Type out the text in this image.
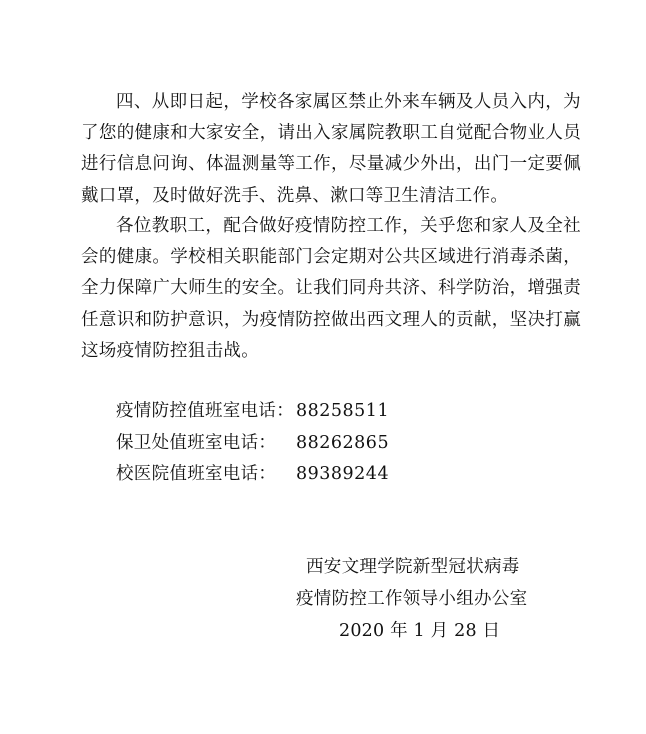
四、从即日起，学校各家属区禁止外来车辆及人员入内，为了您的健康和大家安全，请出入家属院教职工自觉配合物业人员进行信息问询、体温测量等工作，尽量减少外出，出门一定要佩戴口罩，及时做好洗手、洗鼻、漱口等卫生清洁工作。

各位教职工，配合做好疫情防控工作，关乎您和家人及全社会的健康。学校相关职能部门会定期对公共区域进行消毒杀菌，全力保障广大师生的安全。让我们同舟共济、科学防治，增强责任意识和防护意识，为疫情防控做出西文理人的贡献，坚决打赢这场疫情防控狙击战。

疫情防控值班室电话： 88258511
保卫处值班室电话： 88262865
校医院值班室电话： 89389244
西安文理学院新型冠状病毒
疫情防控工作领导小组办公室
2020 年 1 月 28 日
